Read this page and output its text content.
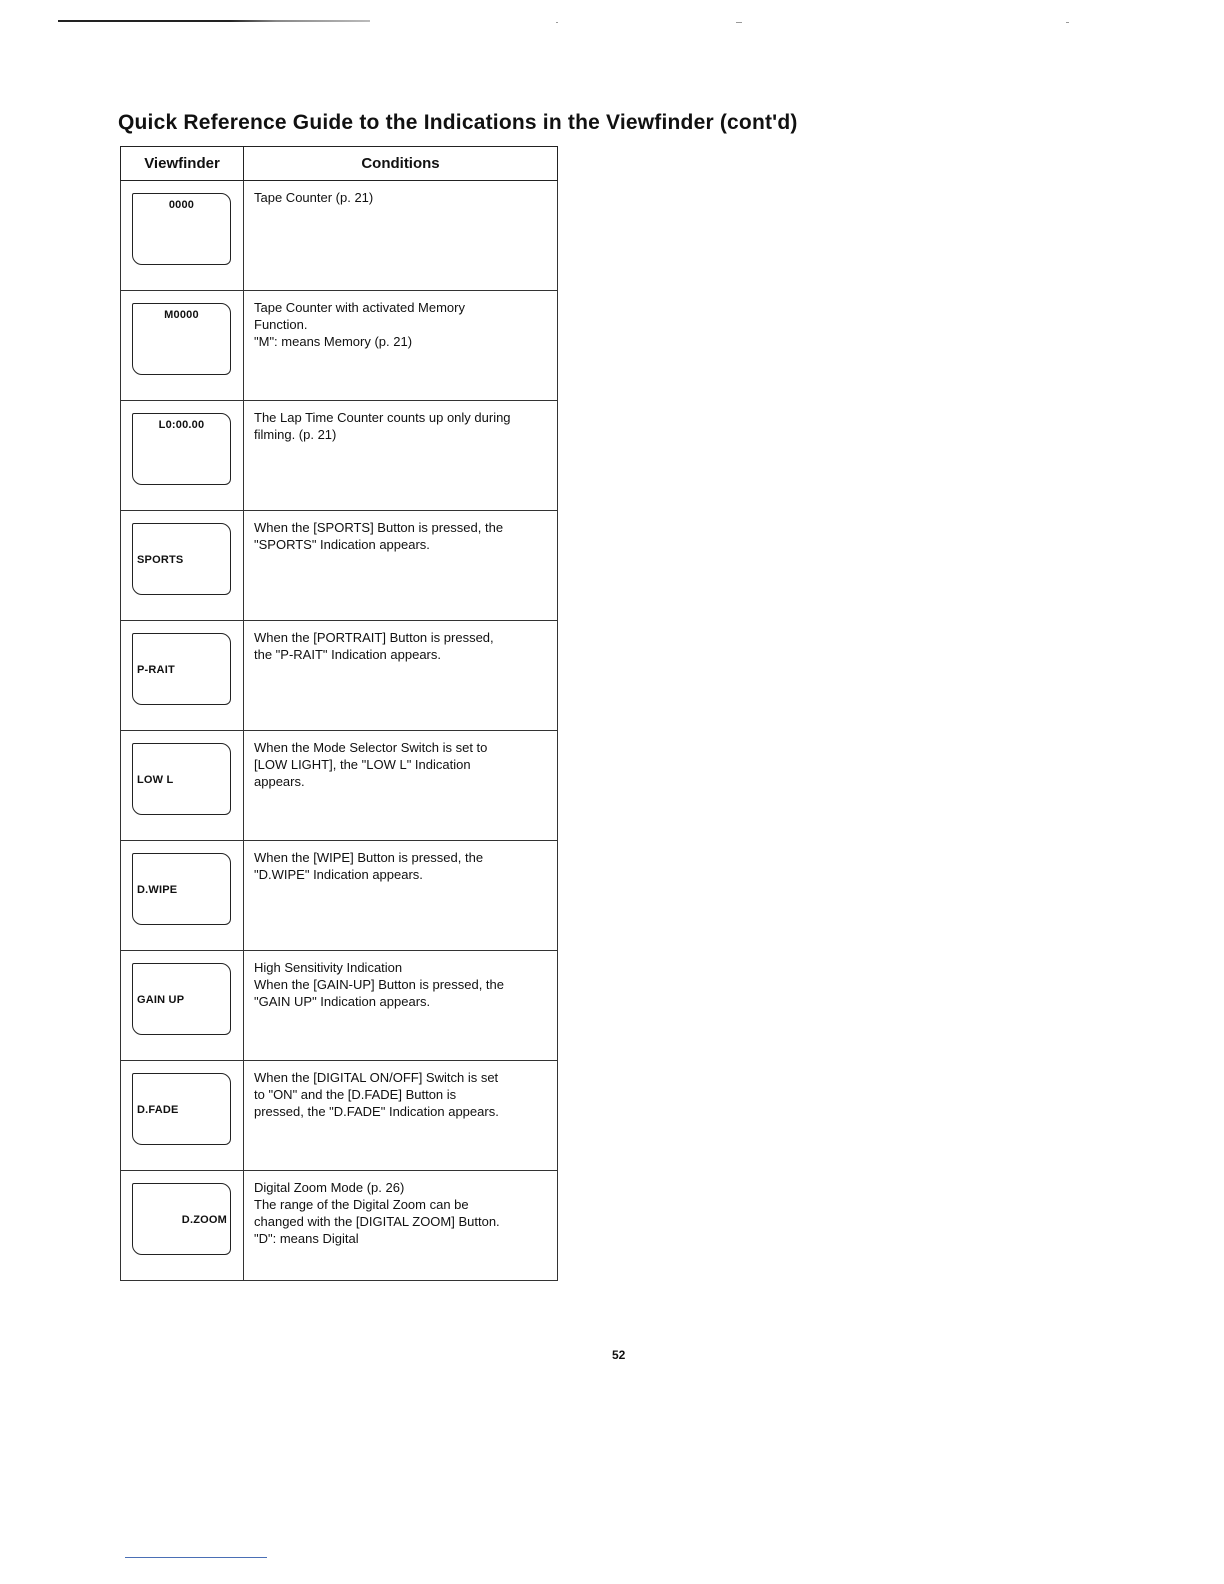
Quick Reference Guide to the Indications in the Viewfinder (cont'd)
Viewfinder	Conditions

0000	Tape Counter (p. 21)

M0000	Tape Counter with activated Memory
Function.
"M": means Memory (p. 21)

L0:00.00	The Lap Time Counter counts up only during
filming. (p. 21)

SPORTS	When the [SPORTS] Button is pressed, the
"SPORTS" Indication appears.

P-RAIT	When the [PORTRAIT] Button is pressed,
the "P-RAIT" Indication appears.

LOW L	When the Mode Selector Switch is set to
[LOW LIGHT], the "LOW L" Indication
appears.

D.WIPE	When the [WIPE] Button is pressed, the
"D.WIPE" Indication appears.

GAIN UP	High Sensitivity Indication
When the [GAIN-UP] Button is pressed, the
"GAIN UP" Indication appears.

D.FADE	When the [DIGITAL ON/OFF] Switch is set
to "ON" and the [D.FADE] Button is
pressed, the "D.FADE" Indication appears.

D.ZOOM	Digital Zoom Mode (p. 26)
The range of the Digital Zoom can be
changed with the [DIGITAL ZOOM] Button.
"D": means Digital
52
